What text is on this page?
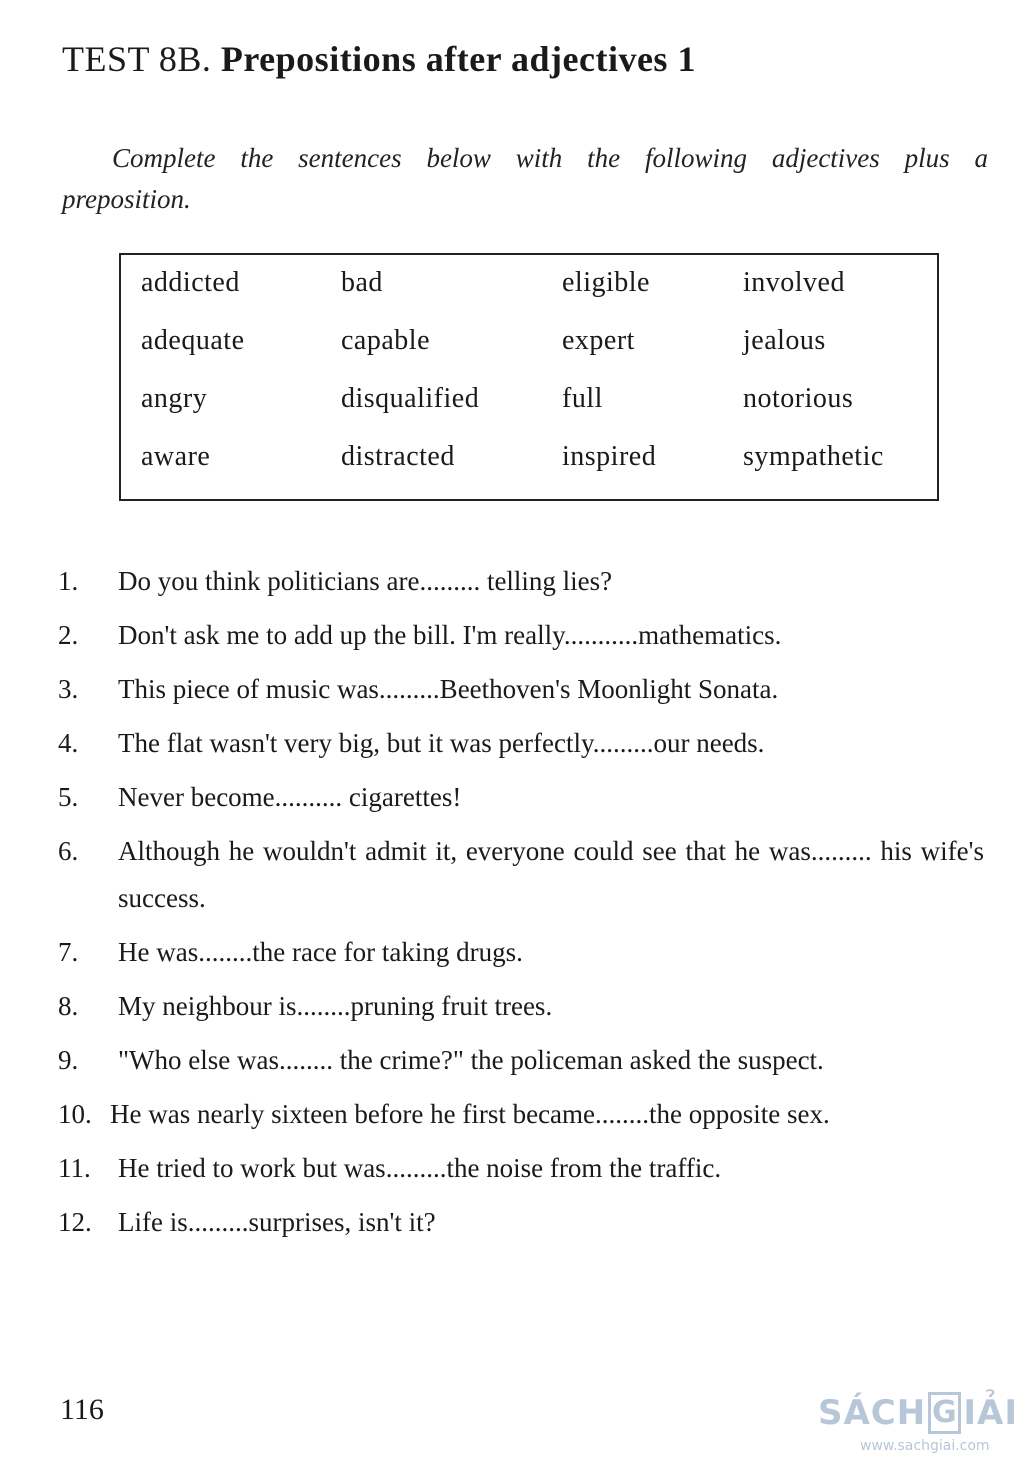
TEST 8B. Prepositions after adjectives 1

Complete the sentences below with the following adjectives plus a preposition.

addicted	bad	eligible	involved
adequate	capable	expert	jealous
angry	disqualified	full	notorious
aware	distracted	inspired	sympathetic
1.	Do you think politicians are......... telling lies?
2.	Don't ask me to add up the bill. I'm really...........mathematics.
3.	This piece of music was.........Beethoven's Moonlight Sonata.
4.	The flat wasn't very big, but it was perfectly.........our needs.
5.	Never become.......... cigarettes!
6.	Although he wouldn't admit it, everyone could see that he was......... his wife's success.
7.	He was........the race for taking drugs.
8.	My neighbour is........pruning fruit trees.
9.	"Who else was........ the crime?" the policeman asked the suspect.
10. He was nearly sixteen before he first became........the opposite sex.
11.	He tried to work but was.........the noise from the traffic.
12. Life is.........surprises, isn't it?
116	SÁCH G IẢI
www.sachgiai.com
